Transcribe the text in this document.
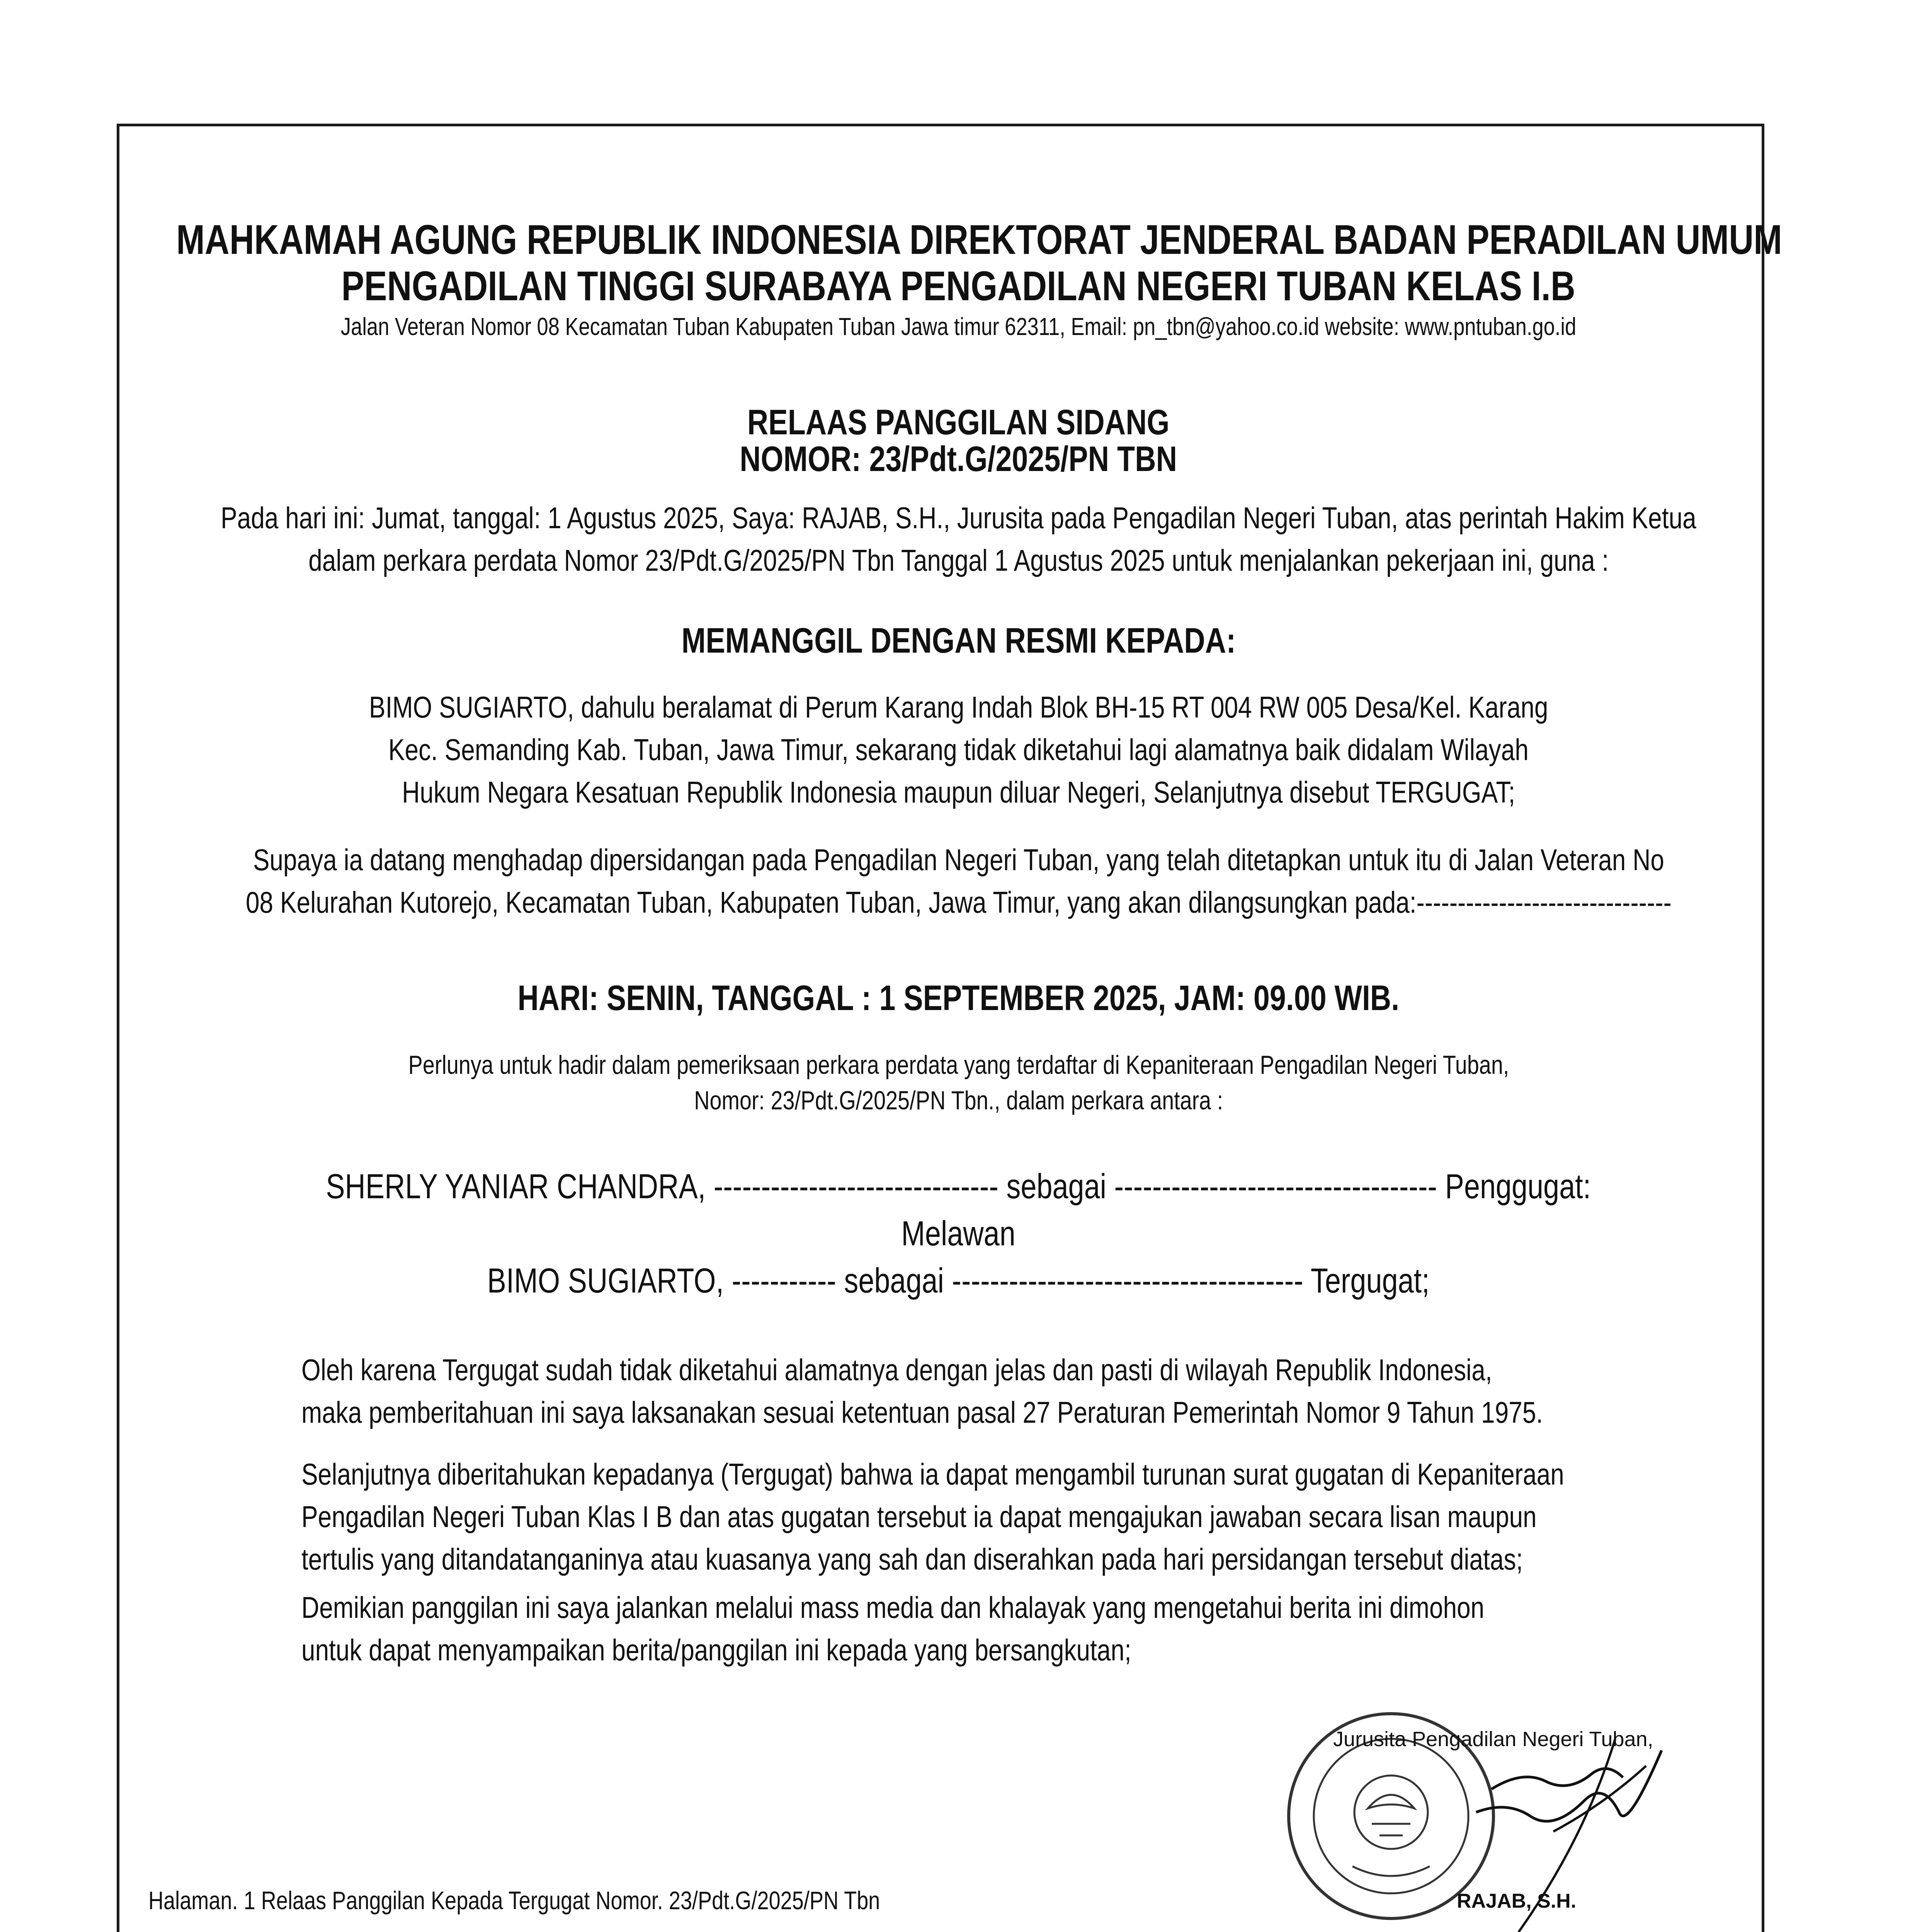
MAHKAMAH AGUNG REPUBLIK INDONESIA DIREKTORAT JENDERAL BADAN PERADILAN UMUM
PENGADILAN TINGGI SURABAYA PENGADILAN NEGERI TUBAN KELAS I.B
Jalan Veteran Nomor 08 Kecamatan Tuban Kabupaten Tuban Jawa timur 62311, Email: pn_tbn@yahoo.co.id website: www.pntuban.go.id
RELAAS PANGGILAN SIDANG
NOMOR: 23/Pdt.G/2025/PN TBN
Pada hari ini: Jumat, tanggal: 1 Agustus 2025, Saya: RAJAB, S.H., Jurusita pada Pengadilan Negeri Tuban, atas perintah Hakim Ketua
dalam perkara perdata Nomor 23/Pdt.G/2025/PN Tbn Tanggal 1 Agustus 2025 untuk menjalankan pekerjaan ini, guna :
MEMANGGIL DENGAN RESMI KEPADA:
BIMO SUGIARTO, dahulu beralamat di Perum Karang Indah Blok BH-15 RT 004 RW 005 Desa/Kel. Karang
Kec. Semanding Kab. Tuban, Jawa Timur, sekarang tidak diketahui lagi alamatnya baik didalam Wilayah
Hukum Negara Kesatuan Republik Indonesia maupun diluar Negeri, Selanjutnya disebut TERGUGAT;
Supaya ia datang menghadap dipersidangan pada Pengadilan Negeri Tuban, yang telah ditetapkan untuk itu di Jalan Veteran No
08 Kelurahan Kutorejo, Kecamatan Tuban, Kabupaten Tuban, Jawa Timur, yang akan dilangsungkan pada:-------------------------------
HARI: SENIN, TANGGAL : 1 SEPTEMBER 2025, JAM: 09.00 WIB.
Perlunya untuk hadir dalam pemeriksaan perkara perdata yang terdaftar di Kepaniteraan Pengadilan Negeri Tuban,
Nomor: 23/Pdt.G/2025/PN Tbn., dalam perkara antara :
SHERLY YANIAR CHANDRA, ------------------------------ sebagai ---------------------------------- Penggugat:
Melawan
BIMO SUGIARTO, ----------- sebagai ------------------------------------- Tergugat;

Oleh karena Tergugat sudah tidak diketahui alamatnya dengan jelas dan pasti di wilayah Republik Indonesia,

maka pemberitahuan ini saya laksanakan sesuai ketentuan pasal 27 Peraturan Pemerintah Nomor 9 Tahun 1975.

Selanjutnya diberitahukan kepadanya (Tergugat) bahwa ia dapat mengambil turunan surat gugatan di Kepaniteraan

Pengadilan Negeri Tuban Klas I B dan atas gugatan tersebut ia dapat mengajukan jawaban secara lisan maupun

tertulis yang ditandatanganinya atau kuasanya yang sah dan diserahkan pada hari persidangan tersebut diatas;

Demikian panggilan ini saya jalankan melalui mass media dan khalayak yang mengetahui berita ini dimohon

untuk dapat menyampaikan berita/panggilan ini kepada yang bersangkutan;

Jurusita Pengadilan Negeri Tuban,
RAJAB, S.H.
Halaman. 1 Relaas Panggilan Kepada Tergugat Nomor. 23/Pdt.G/2025/PN Tbn
